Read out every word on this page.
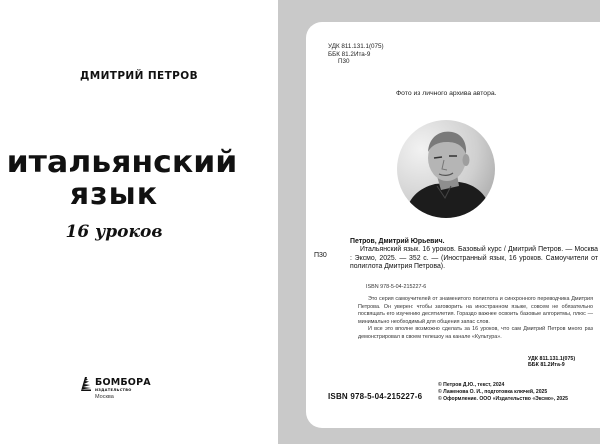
ДМИТРИЙ ПЕТРОВ
итальянский
язык
16 уроков
БОМБОРА
ИЗДАТЕЛЬСТВО
Москва
УДК 811.131.1(075)
ББК 81.2Ита-9
П30
Фото из личного архива автора.
П30
Петров, Дмитрий Юрьевич.
Итальянский язык. 16 уроков. Базовый курс / Дмитрий Петров. — Москва : Эксмо, 2025. — 352 с. — (Иностранный язык, 16 уроков. Самоучители от полиглота Дмитрия Петрова).
ISBN 978-5-04-215227-6

Это серия самоучителей от знаменитого полиглота и синхронного переводчика Дмитрия Петрова. Он уверен: чтобы заговорить на иностранном языке, совсем не обязательно посвящать его изучению десятилетия. Гораздо важнее освоить базовые алгоритмы, плюс — минимально необходимый для общения запас слов.

И все это вполне возможно сделать за 16 уроков, что сам Дмитрий Петров много раз демонстрировал в своем телешоу на канале «Культура».

УДК 811.131.1(075)
ББК 81.2Ита-9
ISBN 978-5-04-215227-6
© Петров Д.Ю., текст, 2024
© Лаженова О. И., подготовка ключей, 2025
© Оформление. ООО «Издательство «Эксмо», 2025
